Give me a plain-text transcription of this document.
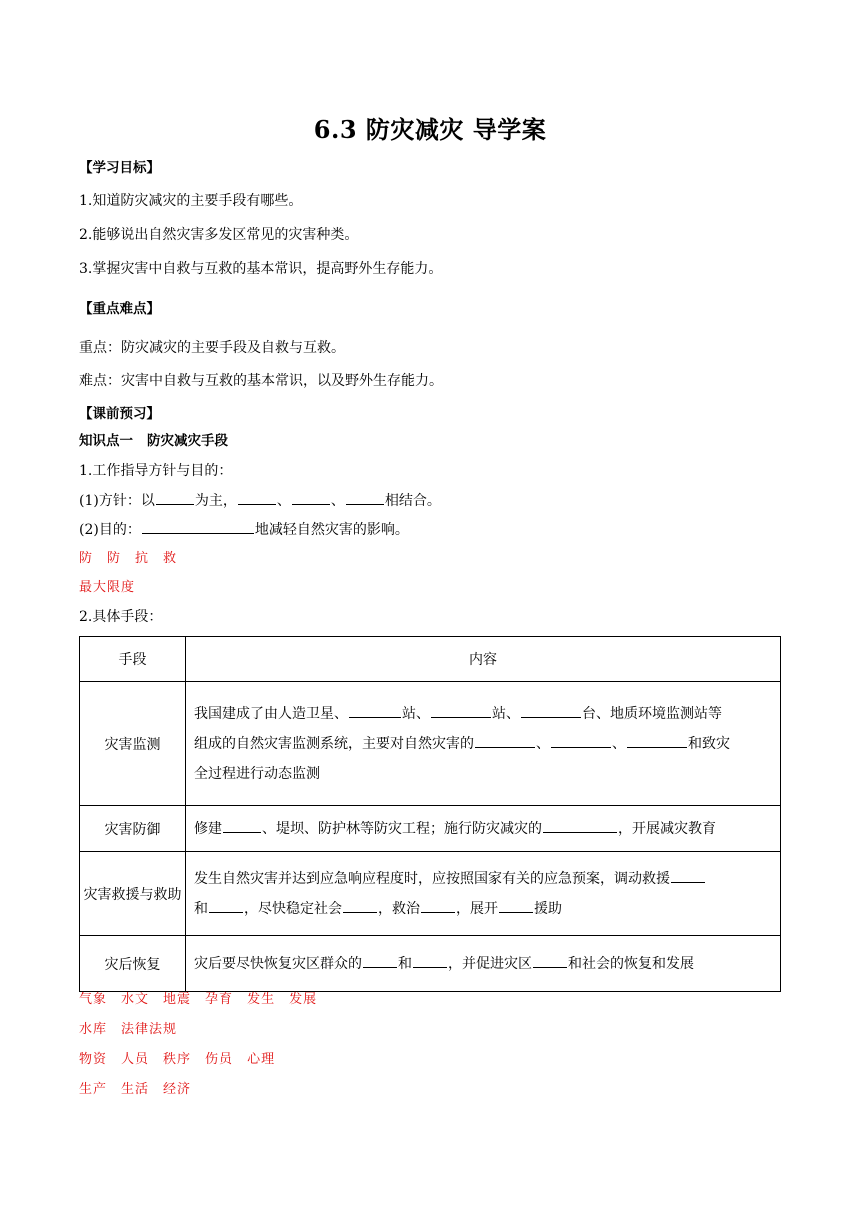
6.3 防灾减灾 导学案
【学习目标】
1.知道防灾减灾的主要手段有哪些。
2.能够说出自然灾害多发区常见的灾害种类。
3.掌握灾害中自救与互救的基本常识，提高野外生存能力。
【重点难点】
重点：防灾减灾的主要手段及自救与互救。
难点：灾害中自救与互救的基本常识，以及野外生存能力。
【课前预习】
知识点一 防灾减灾手段
1.工作指导方针与目的：
(1)方针：以	为主，	、	、	相结合。
(2)目的：	地减轻自然灾害的影响。
防 防 抗 救
最大限度
2.具体手段：
手段	内容
灾害监测	我国建成了由人造卫星、 站、 站、 台、地质环境监测站等
组成的自然灾害监测系统，主要对自然灾害的 、 、 和致灾
全过程进行动态监测

灾害防御	修建 、堤坝、防护林等防灾工程；施行防灾减灾的 ，开展减灾教育
灾害救援与救助	发生自然灾害并达到应急响应程度时，应按照国家有关的应急预案，调动救援
和 ，尽快稳定社会 ，救治 ，展开 援助

灾后恢复	灾后要尽快恢复灾区群众的 和 ，并促进灾区 和社会的恢复和发展
气象 水文 地震 孕育 发生 发展
水库 法律法规
物资 人员 秩序 伤员 心理
生产 生活 经济
